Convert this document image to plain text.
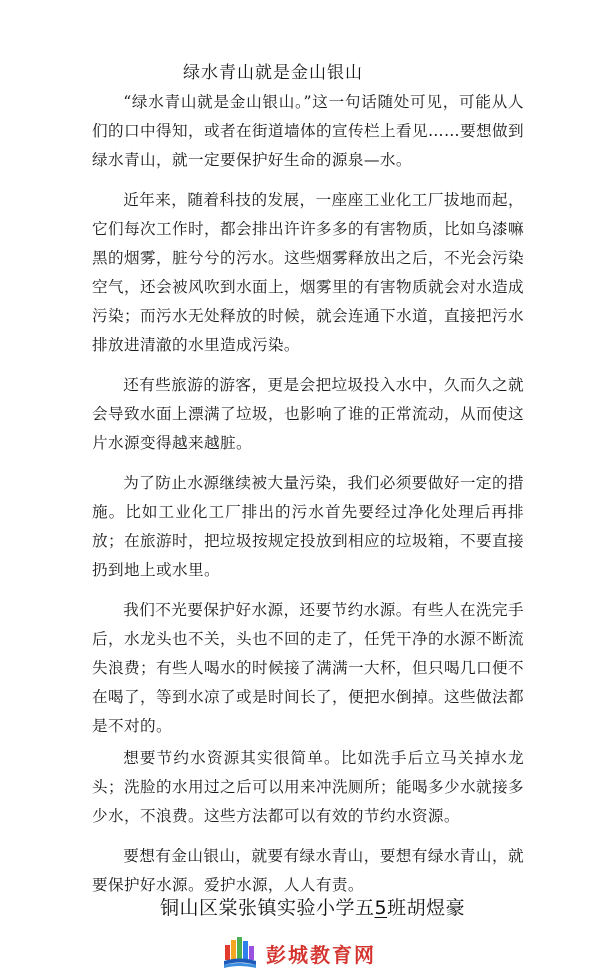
绿水青山就是金山银山

“绿水青山就是金山银山。”这一句话随处可见，可能从人们的口中得知，或者在街道墙体的宣传栏上看见……要想做到绿水青山，就一定要保护好生命的源泉—水。

近年来，随着科技的发展，一座座工业化工厂拔地而起，它们每次工作时，都会排出许许多多的有害物质，比如乌漆嘛黑的烟雾，脏兮兮的污水。这些烟雾释放出之后，不光会污染空气，还会被风吹到水面上，烟雾里的有害物质就会对水造成污染；而污水无处释放的时候，就会连通下水道，直接把污水排放进清澈的水里造成污染。

还有些旅游的游客，更是会把垃圾投入水中，久而久之就会导致水面上漂满了垃圾，也影响了谁的正常流动，从而使这片水源变得越来越脏。

为了防止水源继续被大量污染，我们必须要做好一定的措施。比如工业化工厂排出的污水首先要经过净化处理后再排放；在旅游时，把垃圾按规定投放到相应的垃圾箱，不要直接扔到地上或水里。

我们不光要保护好水源，还要节约水源。有些人在洗完手后，水龙头也不关，头也不回的走了，任凭干净的水源不断流失浪费；有些人喝水的时候接了满满一大杯，但只喝几口便不在喝了，等到水凉了或是时间长了，便把水倒掉。这些做法都是不对的。

想要节约水资源其实很简单。比如洗手后立马关掉水龙头；洗脸的水用过之后可以用来冲洗厕所；能喝多少水就接多少水，不浪费。这些方法都可以有效的节约水资源。

要想有金山银山，就要有绿水青山，要想有绿水青山，就要保护好水源。爱护水源，人人有责。

铜山区棠张镇实验小学五5班胡煜豪
彭城教育网
